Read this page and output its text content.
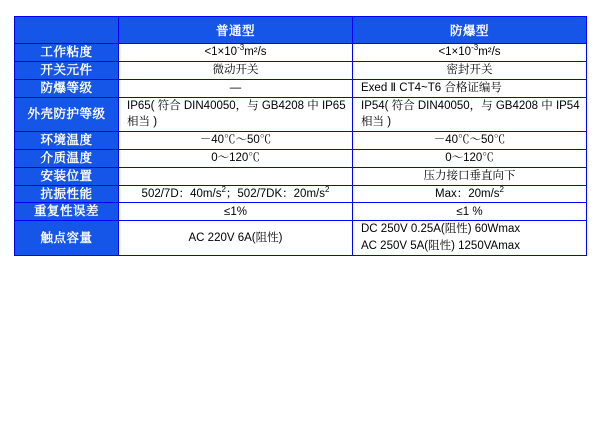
	普通型	防爆型
工作粘度	$<1\times 10^{-3}m^2/s$	$<1\times 10^{-3}m^2/s$
开关元件	微动开关	密封开关
防爆等级	—	Exed Ⅱ CT4~T6 合格证编号
外壳防护等级	IP65( 符合 DIN40050，与 GB4208 中 IP65 相当 )	IP54( 符合 DIN40050，与 GB4208 中 IP54 相当 )
环境温度	－40℃～50℃	－40℃～50℃
介质温度	0～120℃	0～120℃
安装位置		压力接口垂直向下
抗振性能	502/7D：$40m/s^2$；502/7DK：$20m/s^2$	Max：$20m/s^2$
重复性误差	≤1%	≤1 %
触点容量	AC 220V 6A(阻性)	DC 250V 0.25A(阻性) 60Wmax
AC 250V 5A(阻性) 1250VAmax
